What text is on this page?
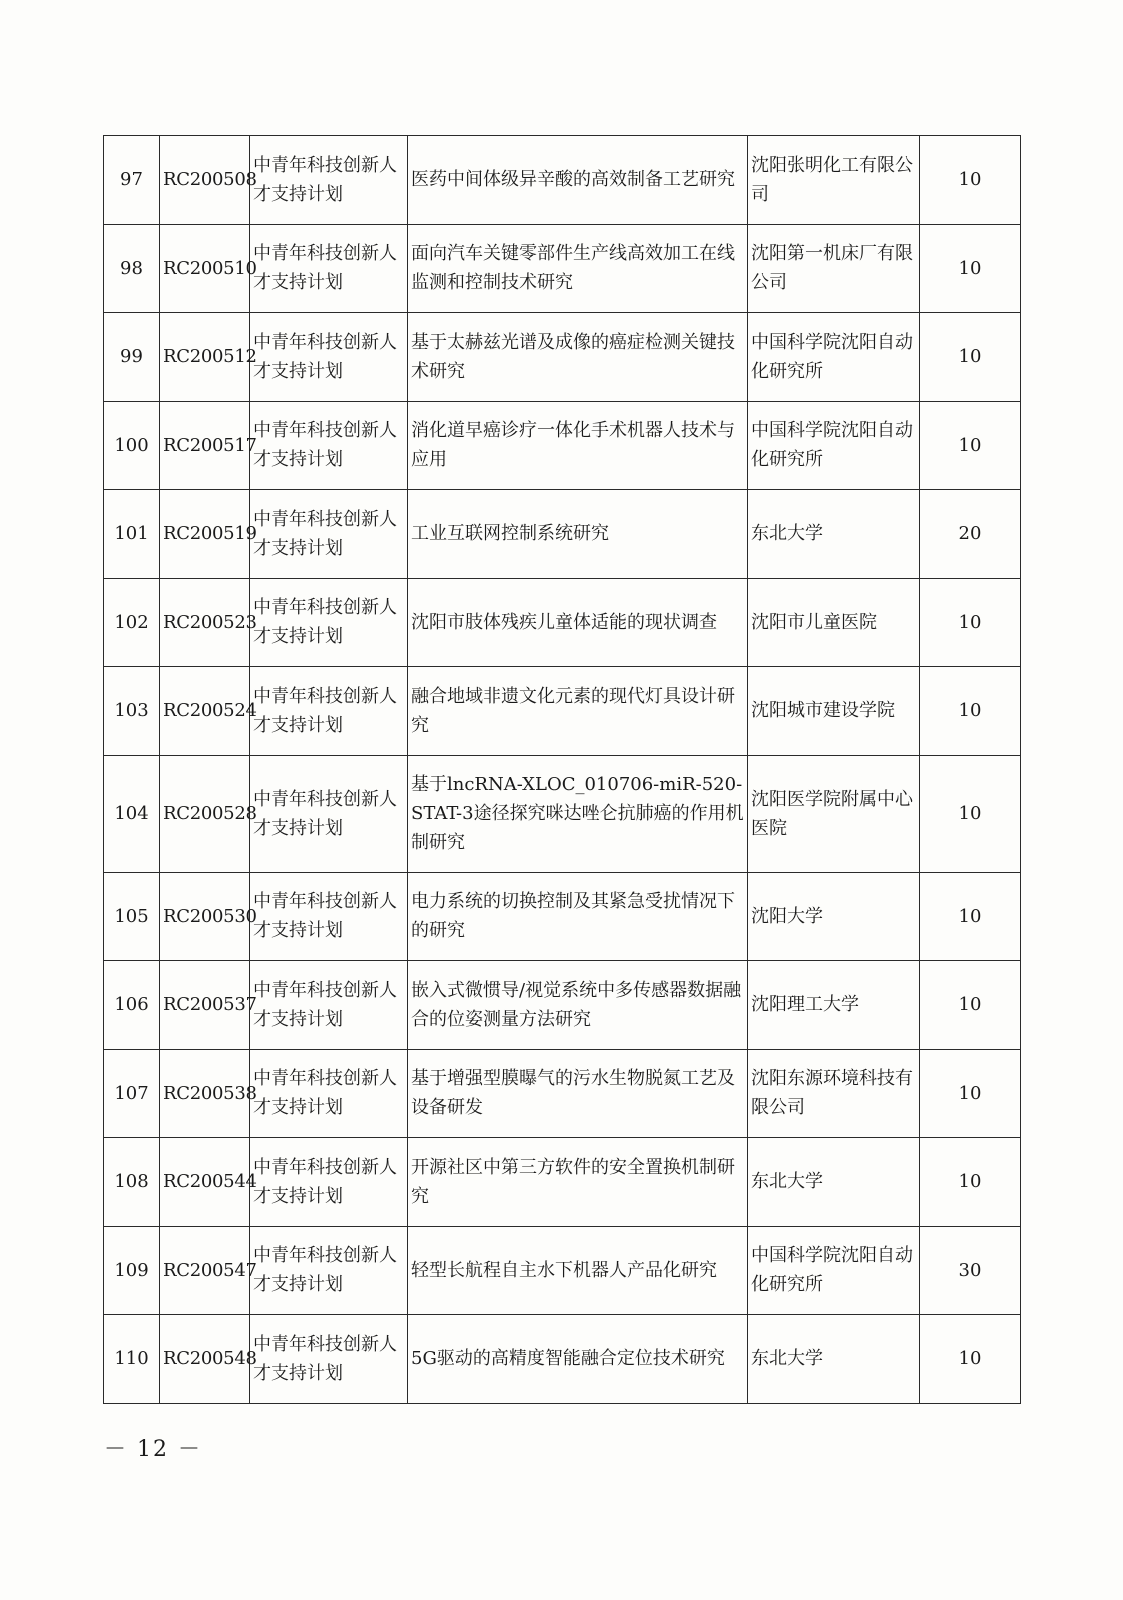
97	RC200508	中青年科技创新人才支持计划	医药中间体级异辛酸的高效制备工艺研究	沈阳张明化工有限公司	10
98	RC200510	中青年科技创新人才支持计划	面向汽车关键零部件生产线高效加工在线监测和控制技术研究	沈阳第一机床厂有限公司	10
99	RC200512	中青年科技创新人才支持计划	基于太赫兹光谱及成像的癌症检测关键技术研究	中国科学院沈阳自动化研究所	10
100	RC200517	中青年科技创新人才支持计划	消化道早癌诊疗一体化手术机器人技术与应用	中国科学院沈阳自动化研究所	10
101	RC200519	中青年科技创新人才支持计划	工业互联网控制系统研究	东北大学	20
102	RC200523	中青年科技创新人才支持计划	沈阳市肢体残疾儿童体适能的现状调查	沈阳市儿童医院	10
103	RC200524	中青年科技创新人才支持计划	融合地域非遗文化元素的现代灯具设计研究	沈阳城市建设学院	10
104	RC200528	中青年科技创新人才支持计划	基于lncRNA-XLOC_010706-miR-520-STAT-3途径探究咪达唑仑抗肺癌的作用机制研究	沈阳医学院附属中心医院	10
105	RC200530	中青年科技创新人才支持计划	电力系统的切换控制及其紧急受扰情况下的研究	沈阳大学	10
106	RC200537	中青年科技创新人才支持计划	嵌入式微惯导/视觉系统中多传感器数据融合的位姿测量方法研究	沈阳理工大学	10
107	RC200538	中青年科技创新人才支持计划	基于增强型膜曝气的污水生物脱氮工艺及设备研发	沈阳东源环境科技有限公司	10
108	RC200544	中青年科技创新人才支持计划	开源社区中第三方软件的安全置换机制研究	东北大学	10
109	RC200547	中青年科技创新人才支持计划	轻型长航程自主水下机器人产品化研究	中国科学院沈阳自动化研究所	30
110	RC200548	中青年科技创新人才支持计划	5G驱动的高精度智能融合定位技术研究	东北大学	10
－ 12 －
